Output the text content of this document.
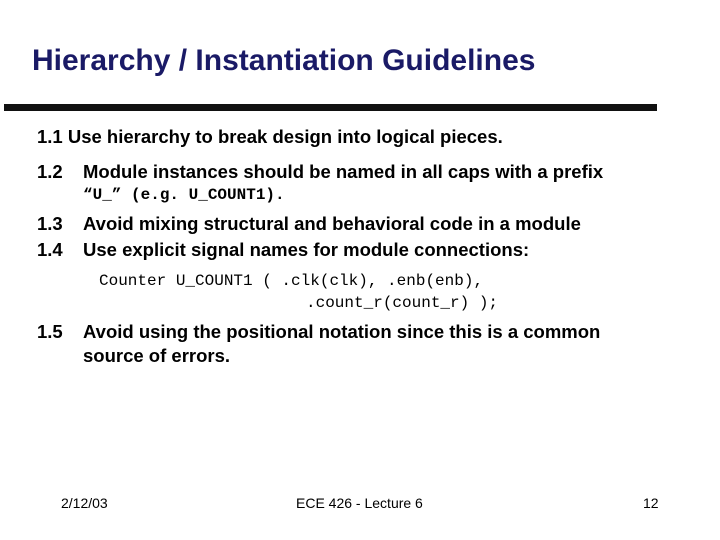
Hierarchy / Instantiation Guidelines
1.1 Use hierarchy to break design into logical pieces.
1.2 Module instances should be named in all caps with a prefix
“U_” (e.g. U_COUNT1).
1.3 Avoid mixing structural and behavioral code in a module
1.4 Use explicit signal names for module connections:
Counter U_COUNT1 ( .clk(clk), .enb(enb),
.count_r(count_r) );
1.5 Avoid using the positional notation since this is a common
source of errors.
2/12/03	ECE 426 - Lecture 6	12
